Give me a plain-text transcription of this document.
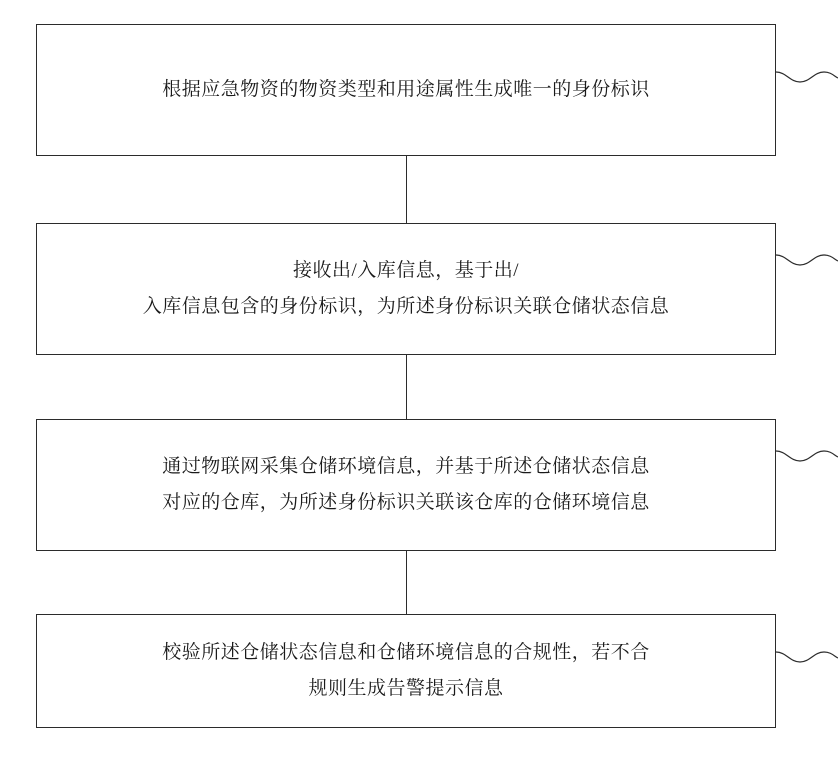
根据应急物资的物资类型和用途属性生成唯一的身份标识
接收出/入库信息，基于出/
入库信息包含的身份标识，为所述身份标识关联仓储状态信息
通过物联网采集仓储环境信息，并基于所述仓储状态信息
对应的仓库，为所述身份标识关联该仓库的仓储环境信息
校验所述仓储状态信息和仓储环境信息的合规性，若不合
规则生成告警提示信息
